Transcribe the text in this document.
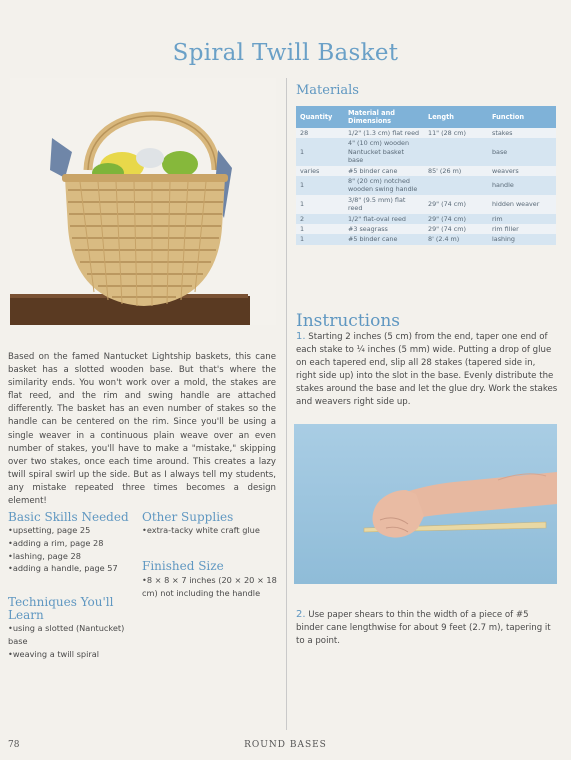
Spiral Twill Basket
Based on the famed Nantucket Lightship baskets, this cane basket has a slotted wooden base. But that's where the similarity ends. You won't work over a mold, the stakes are flat reed, and the rim and swing handle are attached differently. The basket has an even number of stakes so the handle can be centered on the rim. Since you'll be using a single weaver in a continuous plain weave over an even number of stakes, you'll have to make a "mistake," skipping over two stakes, once each time around. This creates a lazy twill spiral swirl up the side. But as I always tell my students, any mistake repeated three times becomes a design element!
Basic Skills Needed
• upsetting, page 25
• adding a rim, page 28
• lashing, page 28
• adding a handle, page 57
Techniques You'll Learn
• using a slotted (Nantucket) base
• weaving a twill spiral
Other Supplies
• extra-tacky white craft glue
Finished Size
• 8 × 8 × 7 inches (20 × 20 × 18 cm) not including the handle
Materials
Quantity	Material and Dimensions	Length	Function
28	1/2" (1.3 cm) flat reed	11" (28 cm)	stakes
1	4" (10 cm) wooden Nantucket basket base		base
varies	#5 binder cane	85' (26 m)	weavers
1	8" (20 cm) notched wooden swing handle		handle
1	3/8" (9.5 mm) flat reed	29" (74 cm)	hidden weaver
2	1/2" flat-oval reed	29" (74 cm)	rim
1	#3 seagrass	29" (74 cm)	rim filler
1	#5 binder cane	8' (2.4 m)	lashing
Instructions
1. Starting 2 inches (5 cm) from the end, taper one end of each stake to ¼ inches (5 mm) wide. Putting a drop of glue on each tapered end, slip all 28 stakes (tapered side in, right side up) into the slot in the base. Evenly distribute the stakes around the base and let the glue dry. Work the stakes and weavers right side up.
2. Use paper shears to thin the width of a piece of #5 binder cane lengthwise for about 9 feet (2.7 m), tapering it to a point.
78	ROUND BASES
